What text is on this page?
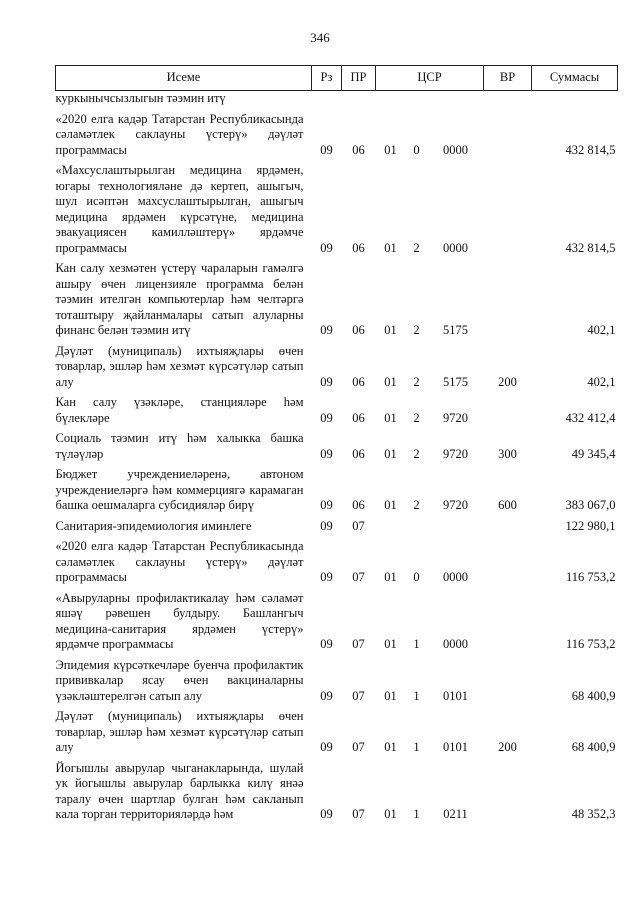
346
Исеме	Рз	ПР	ЦСР			ВР	Суммасы
куркынычсызлыгын тәэмин итү							
«2020 елга кадәр Татарстан Республикасында сәламәтлек саклауны үстерү» дәүләт программасы	09	06	01	0	0000		432 814,5
«Махсуслаштырылган медицина ярдәмен, югары технологияләне дә кертеп, ашыгыч, шул исәптән махсуслаштырылган, ашыгыч медицина ярдәмен күрсәтүне, медицина эвакуациясен камилләштерү» ярдәмче программасы	09	06	01	2	0000		432 814,5
Кан салу хезмәтен үстерү чараларын гамәлгә ашыру өчен лицензияле программа белән тәэмин ителгән компьютерлар һәм челтәргә тоташтыру җайланмалары сатып алуларны финанс белән тәэмин итү	09	06	01	2	5175		402,1
Дәүләт (муниципаль) ихтыяҗлары өчен товарлар, эшләр һәм хезмәт күрсәтүләр сатып алу	09	06	01	2	5175	200	402,1
Кан салу үзәкләре, станцияләре һәм бүлекләре	09	06	01	2	9720		432 412,4
Социаль тәэмин итү һәм халыкка башка түләүләр	09	06	01	2	9720	300	49 345,4
Бюджет учреждениеләренә, автоном учреждениеләргә һәм коммерциягә карамаган башка оешмаларга субсидияләр бирү	09	06	01	2	9720	600	383 067,0
Санитария-эпидемиология иминлеге	09	07					122 980,1
«2020 елга кадәр Татарстан Республикасында сәламәтлек саклауны үстерү» дәүләт программасы	09	07	01	0	0000		116 753,2
«Авыруларны профилактикалау һәм сәламәт яшәү рәвешен булдыру. Башлангыч медицина-санитария ярдәмен үстерү» ярдәмче программасы	09	07	01	1	0000		116 753,2
Эпидемия күрсәткечләре буенча профилактик прививкалар ясау өчен вакциналарны үзәкләштерелгән сатып алу	09	07	01	1	0101		68 400,9
Дәүләт (муниципаль) ихтыяҗлары өчен товарлар, эшләр һәм хезмәт күрсәтүләр сатып алу	09	07	01	1	0101	200	68 400,9
Йогышлы авырулар чыганакларында, шулай ук йогышлы авырулар барлыкка килү янәә таралу өчен шартлар булган һәм сакланып кала торган территорияләрдә һәм	09	07	01	1	0211		48 352,3
